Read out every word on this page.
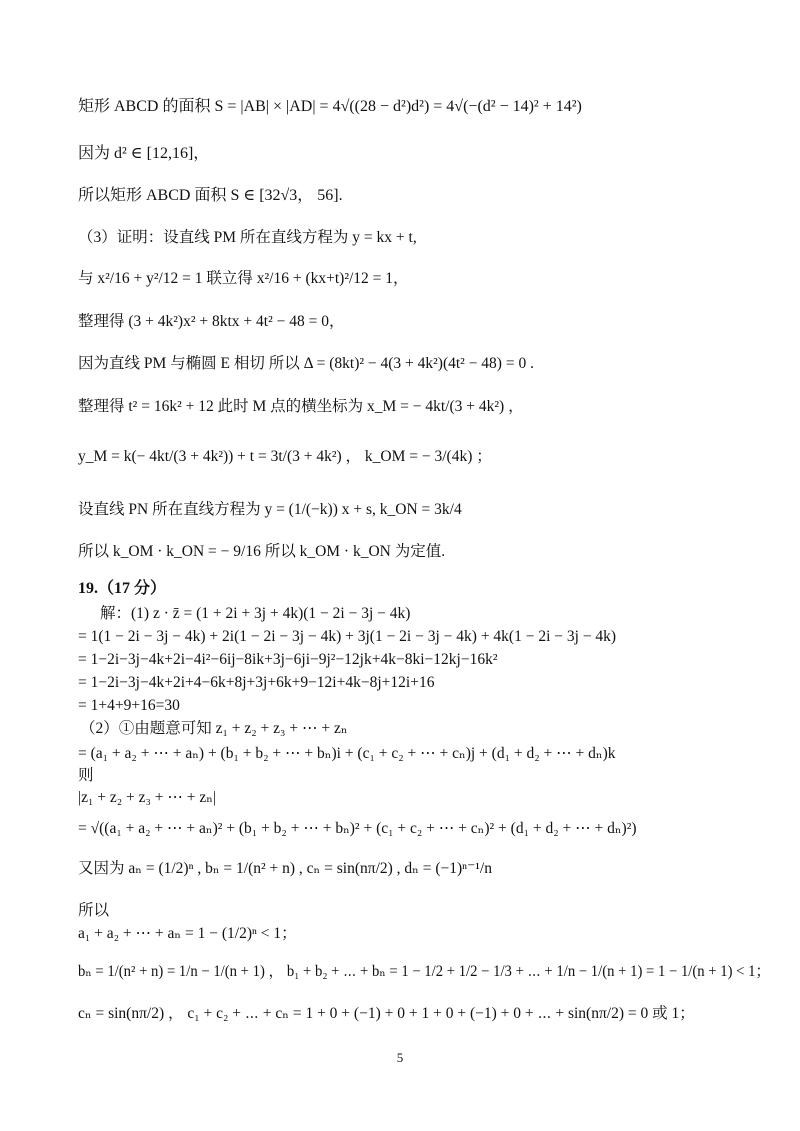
矩形 ABCD 的面积 S = |AB| × |AD| = 4√((28 − d²)d²) = 4√(−(d² − 14)² + 14²)
因为 d² ∈ [12,16]，
所以矩形 ABCD 面积 S ∈ [32√3， 56].
（3）证明：设直线 PM 所在直线方程为 y = kx + t,
与 x²/16 + y²/12 = 1 联立得 x²/16 + (kx+t)²/12 = 1，
整理得 (3 + 4k²)x² + 8ktx + 4t² − 48 = 0，
因为直线 PM 与椭圆 E 相切 所以 Δ = (8kt)² − 4(3 + 4k²)(4t² − 48) = 0 .
整理得 t² = 16k² + 12 此时 M 点的横坐标为 x_M = − 4kt/(3 + 4k²) ，
y_M = k(− 4kt/(3 + 4k²)) + t = 3t/(3 + 4k²) ， k_OM = − 3/(4k) ；
设直线 PN 所在直线方程为 y = (1/(−k)) x + s, k_ON = 3k/4
所以 k_OM · k_ON = − 9/16 所以 k_OM · k_ON 为定值.
19.（17 分）
解：(1) z · z̄ = (1 + 2i + 3j + 4k)(1 − 2i − 3j − 4k)
= 1(1 − 2i − 3j − 4k) + 2i(1 − 2i − 3j − 4k) + 3j(1 − 2i − 3j − 4k) + 4k(1 − 2i − 3j − 4k)
= 1−2i−3j−4k+2i−4i²−6ij−8ik+3j−6ji−9j²−12jk+4k−8ki−12kj−16k²
= 1−2i−3j−4k+2i+4−6k+8j+3j+6k+9−12i+4k−8j+12i+16
= 1+4+9+16=30
（2）①由题意可知 z₁ + z₂ + z₃ + ⋯ + zₙ
= (a₁ + a₂ + ⋯ + aₙ) + (b₁ + b₂ + ⋯ + bₙ)i + (c₁ + c₂ + ⋯ + cₙ)j + (d₁ + d₂ + ⋯ + dₙ)k
则
|z₁ + z₂ + z₃ + ⋯ + zₙ|
= √((a₁ + a₂ + ⋯ + aₙ)² + (b₁ + b₂ + ⋯ + bₙ)² + (c₁ + c₂ + ⋯ + cₙ)² + (d₁ + d₂ + ⋯ + dₙ)²)
又因为 aₙ = (1/2)ⁿ , bₙ = 1/(n² + n) , cₙ = sin(nπ/2) , dₙ = (−1)ⁿ⁻¹/n
所以
a₁ + a₂ + ⋯ + aₙ = 1 − (1/2)ⁿ < 1；
bₙ = 1/(n² + n) = 1/n − 1/(n + 1) ， b₁ + b₂ + ⋯ + bₙ = 1 − 1/2 + 1/2 − 1/3 + ⋯ + 1/n − 1/(n + 1) = 1 − 1/(n + 1) < 1；
cₙ = sin(nπ/2) ， c₁ + c₂ + ⋯ + cₙ = 1 + 0 + (−1) + 0 + 1 + 0 + (−1) + 0 + ⋯ + sin(nπ/2) = 0 或 1；
5
